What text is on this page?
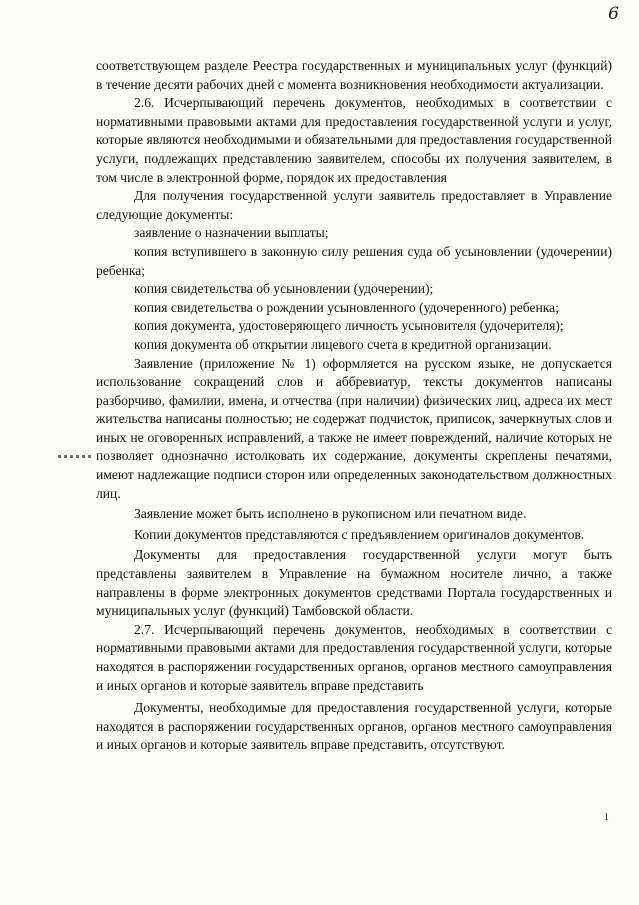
6

соответствующем разделе Реестра государственных и муниципальных услуг (функций) в течение десяти рабочих дней с момента возникновения необходимости актуализации.

2.6. Исчерпывающий перечень документов, необходимых в соответствии с нормативными правовыми актами для предоставления государственной услуги и услуг, которые являются необходимыми и обязательными для предоставления государственной услуги, подлежащих представлению заявителем, способы их получения заявителем, в том числе в электронной форме, порядок их предоставления

Для получения государственной услуги заявитель предоставляет в Управление следующие документы:

заявление о назначении выплаты;

копия вступившего в законную силу решения суда об усыновлении (удочерении) ребенка;

копия свидетельства об усыновлении (удочерении);

копия свидетельства о рождении усыновленного (удочеренного) ребенка;

копия документа, удостоверяющего личность усыновителя (удочерителя);

копия документа об открытии лицевого счета в кредитной организации.

Заявление (приложение № 1) оформляется на русском языке, не допускается использование сокращений слов и аббревиатур, тексты документов написаны разборчиво, фамилии, имена, и отчества (при наличии) физических лиц, адреса их мест жительства написаны полностью; не содержат подчисток, приписок, зачеркнутых слов и иных не оговоренных исправлений, а также не имеет повреждений, наличие которых не позволяет однозначно истолковать их содержание, документы скреплены печатями, имеют надлежащие подписи сторон или определенных законодательством должностных лиц.

Заявление может быть исполнено в рукописном или печатном виде.

Копии документов представляются с предъявлением оригиналов документов.

Документы для предоставления государственной услуги могут быть представлены заявителем в Управление на бумажном носителе лично, а также направлены в форме электронных документов средствами Портала государственных и муниципальных услуг (функций) Тамбовской области.

2.7. Исчерпывающий перечень документов, необходимых в соответствии с нормативными правовыми актами для предоставления государственной услуги, которые находятся в распоряжении государственных органов, органов местного самоуправления и иных органов и которые заявитель вправе представить

Документы, необходимые для предоставления государственной услуги, которые находятся в распоряжении государственных органов, органов местного самоуправления и иных органов и которые заявитель вправе представить, отсутствуют.

1
